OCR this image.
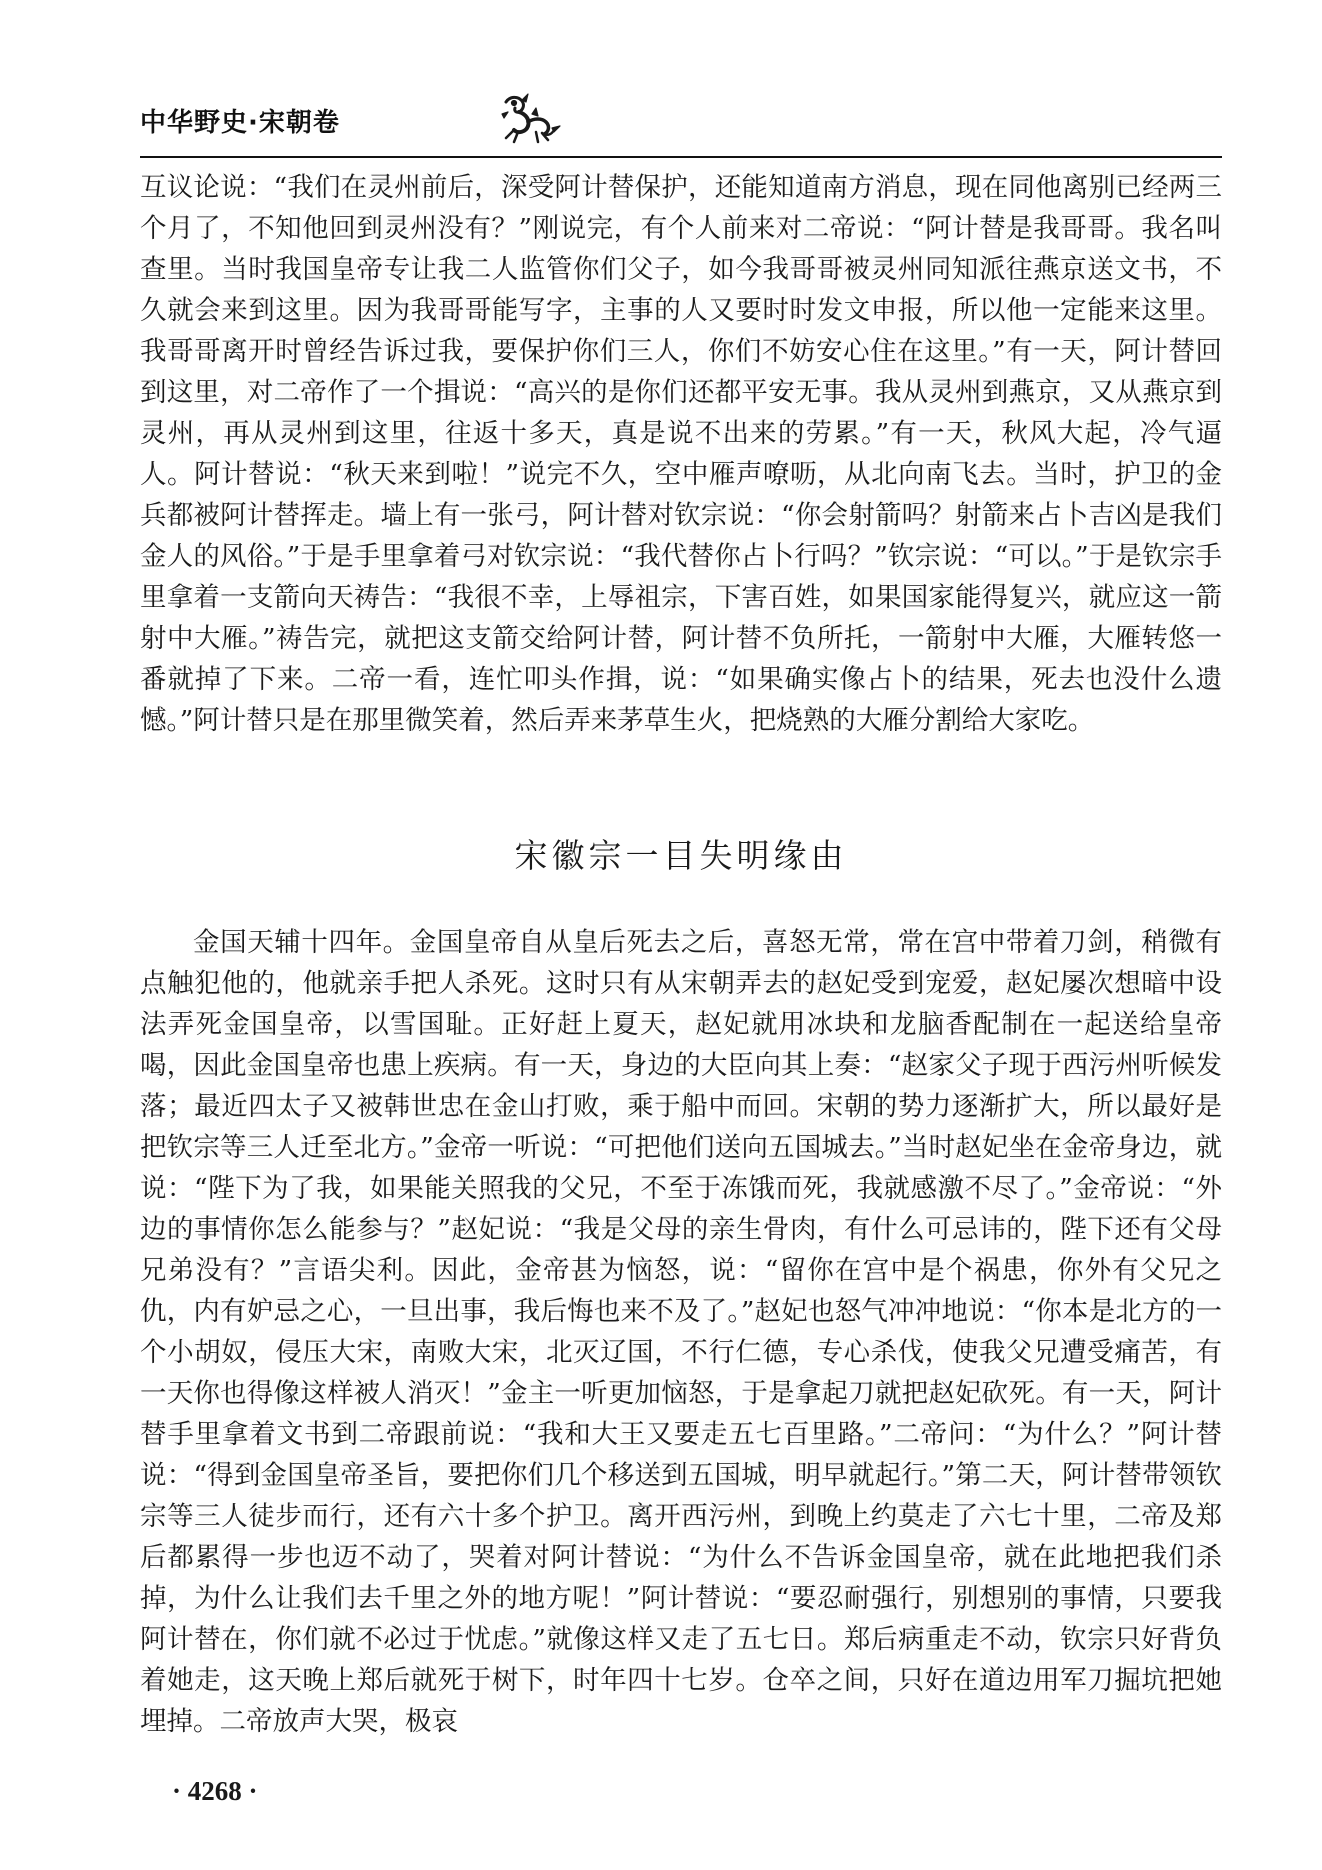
中华野史·宋朝卷

互议论说：“我们在灵州前后，深受阿计替保护，还能知道南方消息，现在同他离别已经两三个月了，不知他回到灵州没有？”刚说完，有个人前来对二帝说：“阿计替是我哥哥。我名叫查里。当时我国皇帝专让我二人监管你们父子，如今我哥哥被灵州同知派往燕京送文书，不久就会来到这里。因为我哥哥能写字，主事的人又要时时发文申报，所以他一定能来这里。我哥哥离开时曾经告诉过我，要保护你们三人，你们不妨安心住在这里。”有一天，阿计替回到这里，对二帝作了一个揖说：“高兴的是你们还都平安无事。我从灵州到燕京，又从燕京到灵州，再从灵州到这里，往返十多天，真是说不出来的劳累。”有一天，秋风大起，冷气逼人。阿计替说：“秋天来到啦！”说完不久，空中雁声嘹呖，从北向南飞去。当时，护卫的金兵都被阿计替挥走。墙上有一张弓，阿计替对钦宗说：“你会射箭吗？射箭来占卜吉凶是我们金人的风俗。”于是手里拿着弓对钦宗说：“我代替你占卜行吗？”钦宗说：“可以。”于是钦宗手里拿着一支箭向天祷告：“我很不幸，上辱祖宗，下害百姓，如果国家能得复兴，就应这一箭射中大雁。”祷告完，就把这支箭交给阿计替，阿计替不负所托，一箭射中大雁，大雁转悠一番就掉了下来。二帝一看，连忙叩头作揖，说：“如果确实像占卜的结果，死去也没什么遗憾。”阿计替只是在那里微笑着，然后弄来茅草生火，把烧熟的大雁分割给大家吃。

宋徽宗一目失明缘由

金国天辅十四年。金国皇帝自从皇后死去之后，喜怒无常，常在宫中带着刀剑，稍微有点触犯他的，他就亲手把人杀死。这时只有从宋朝弄去的赵妃受到宠爱，赵妃屡次想暗中设法弄死金国皇帝，以雪国耻。正好赶上夏天，赵妃就用冰块和龙脑香配制在一起送给皇帝喝，因此金国皇帝也患上疾病。有一天，身边的大臣向其上奏：“赵家父子现于西污州听候发落；最近四太子又被韩世忠在金山打败，乘于船中而回。宋朝的势力逐渐扩大，所以最好是把钦宗等三人迁至北方。”金帝一听说：“可把他们送向五国城去。”当时赵妃坐在金帝身边，就说：“陛下为了我，如果能关照我的父兄，不至于冻饿而死，我就感激不尽了。”金帝说：“外边的事情你怎么能参与？”赵妃说：“我是父母的亲生骨肉，有什么可忌讳的，陛下还有父母兄弟没有？”言语尖利。因此，金帝甚为恼怒，说：“留你在宫中是个祸患，你外有父兄之仇，内有妒忌之心，一旦出事，我后悔也来不及了。”赵妃也怒气冲冲地说：“你本是北方的一个小胡奴，侵压大宋，南败大宋，北灭辽国，不行仁德，专心杀伐，使我父兄遭受痛苦，有一天你也得像这样被人消灭！”金主一听更加恼怒，于是拿起刀就把赵妃砍死。有一天，阿计替手里拿着文书到二帝跟前说：“我和大王又要走五七百里路。”二帝问：“为什么？”阿计替说：“得到金国皇帝圣旨，要把你们几个移送到五国城，明早就起行。”第二天，阿计替带领钦宗等三人徒步而行，还有六十多个护卫。离开西污州，到晚上约莫走了六七十里，二帝及郑后都累得一步也迈不动了，哭着对阿计替说：“为什么不告诉金国皇帝，就在此地把我们杀掉，为什么让我们去千里之外的地方呢！”阿计替说：“要忍耐强行，别想别的事情，只要我阿计替在，你们就不必过于忧虑。”就像这样又走了五七日。郑后病重走不动，钦宗只好背负着她走，这天晚上郑后就死于树下，时年四十七岁。仓卒之间，只好在道边用军刀掘坑把她埋掉。二帝放声大哭，极哀

· 4268 ·
